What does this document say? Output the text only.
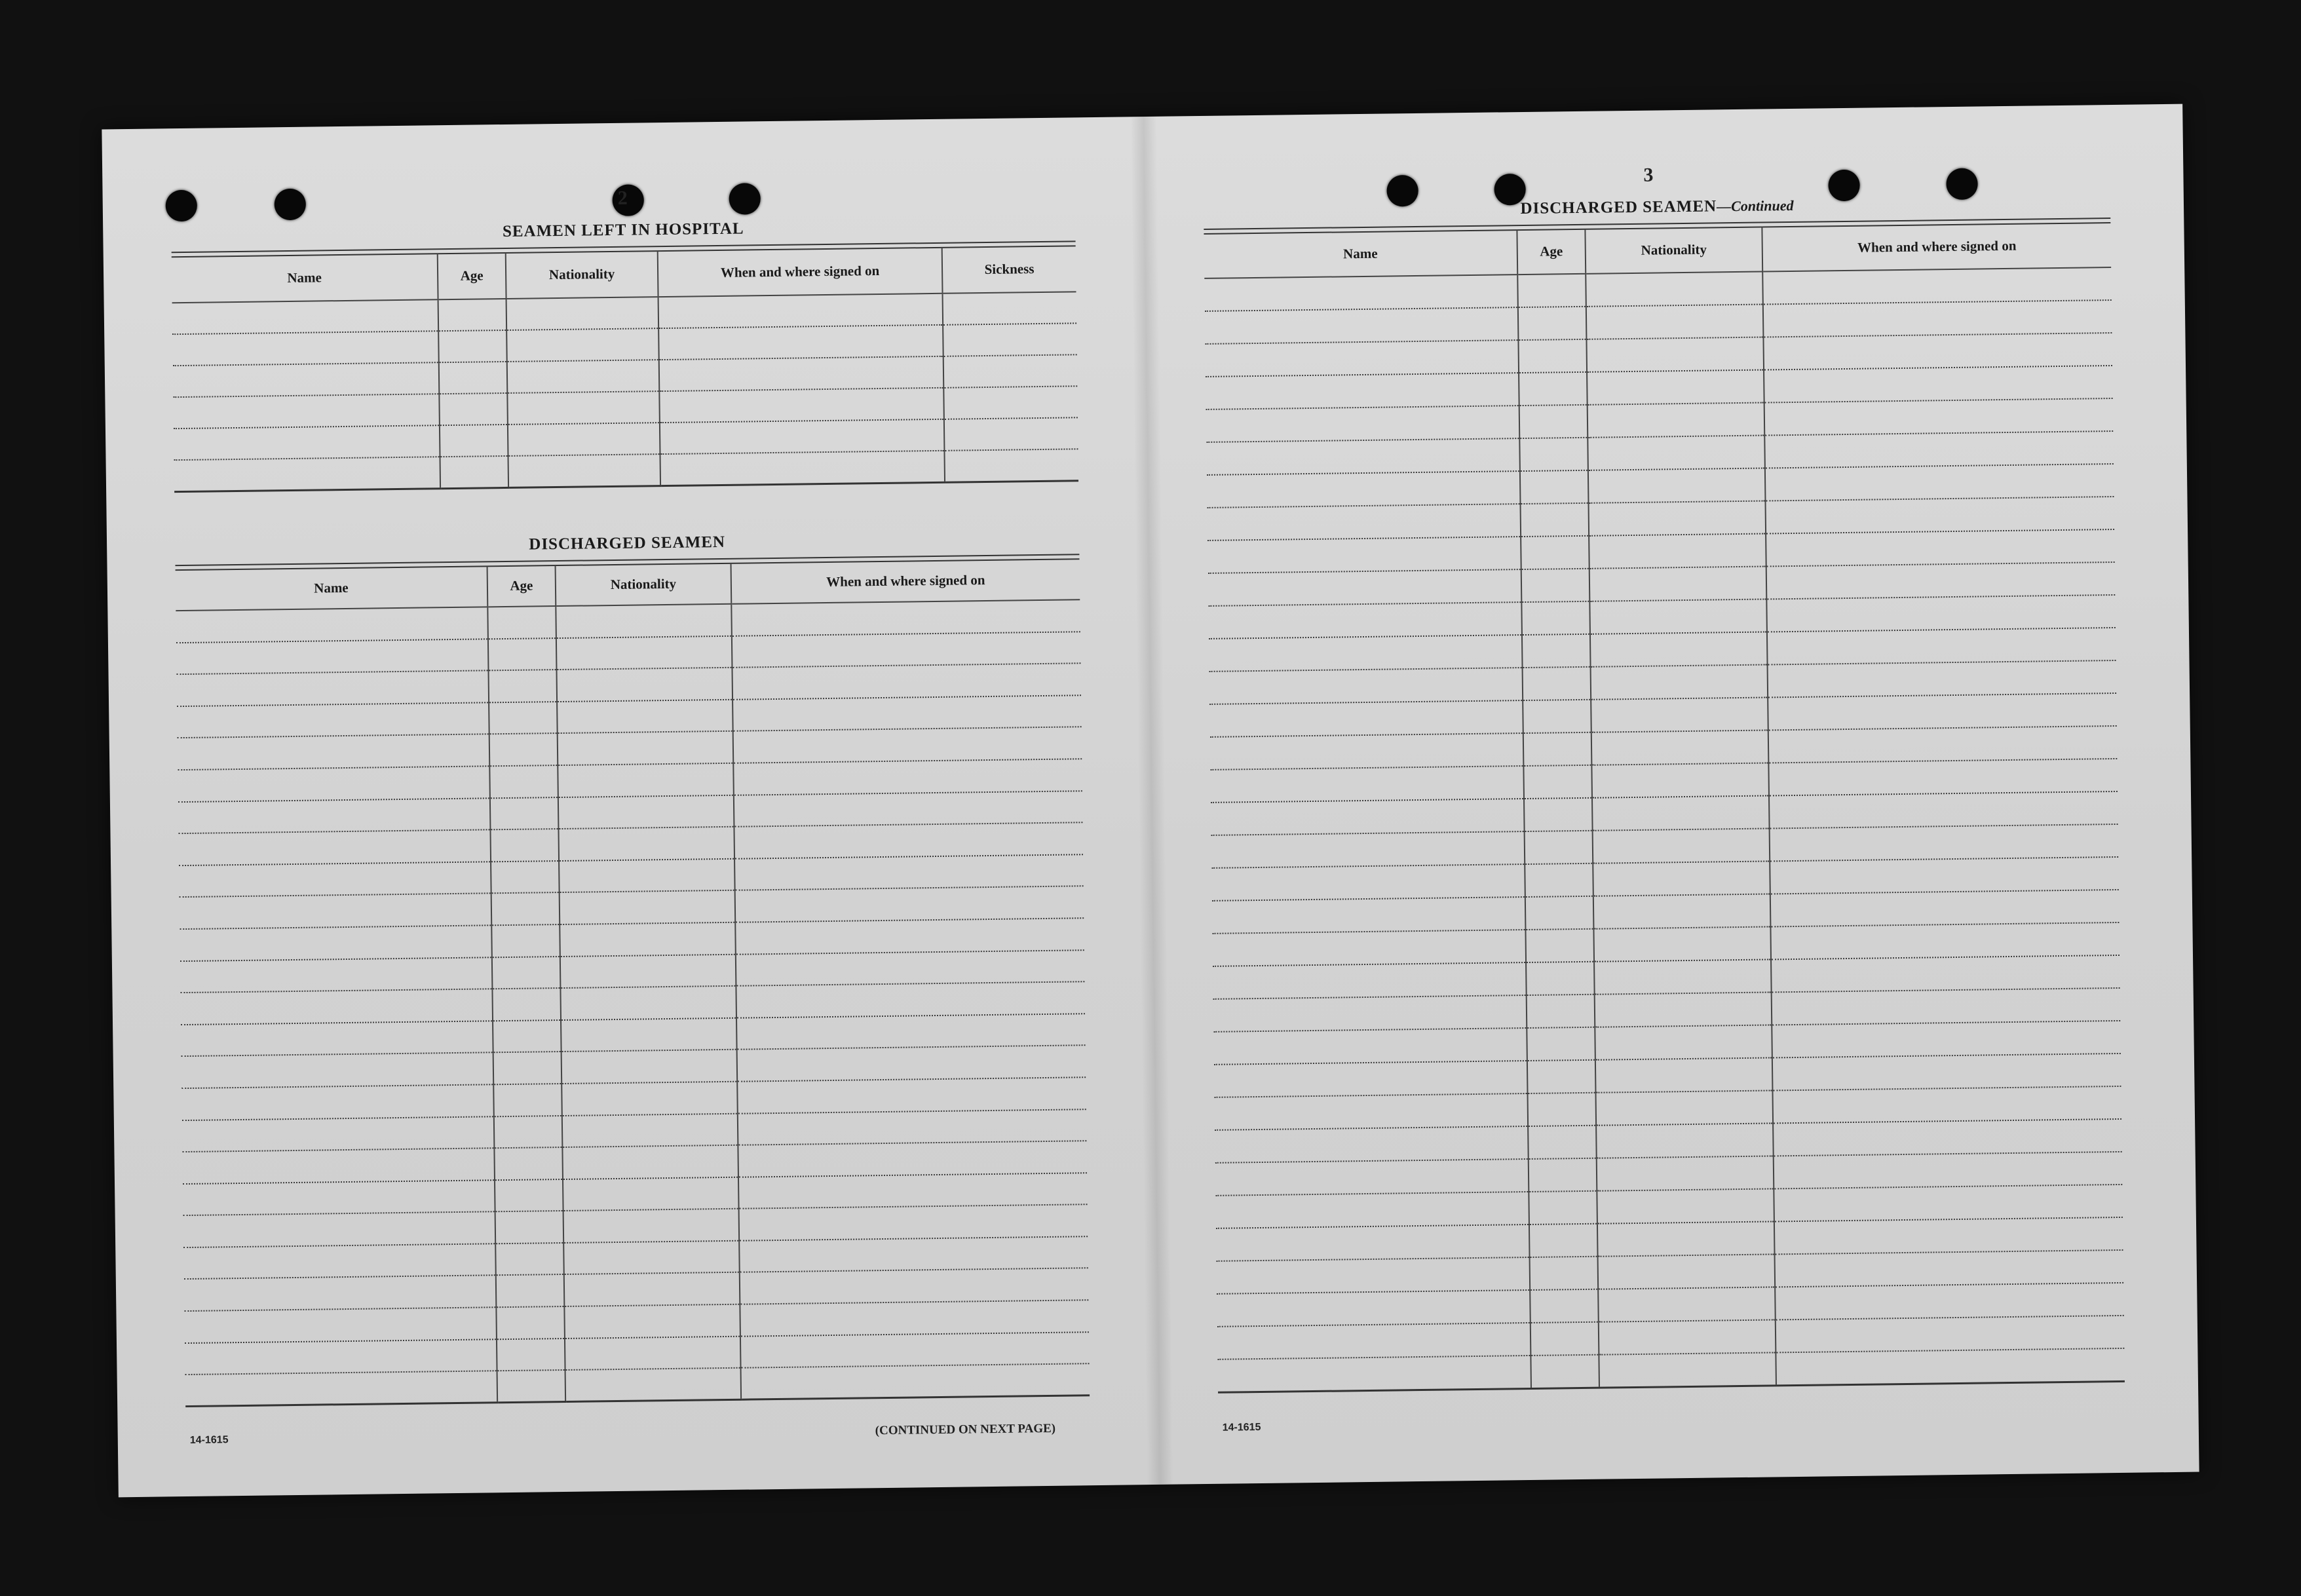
2
SEAMEN LEFT IN HOSPITAL
Name	Age	Nationality	When and where signed on	Sickness

DISCHARGED SEAMEN
Name	Age	Nationality	When and where signed on

14-1615
(CONTINUED ON NEXT PAGE)
3
DISCHARGED SEAMEN—Continued
Name	Age	Nationality	When and where signed on

14-1615
